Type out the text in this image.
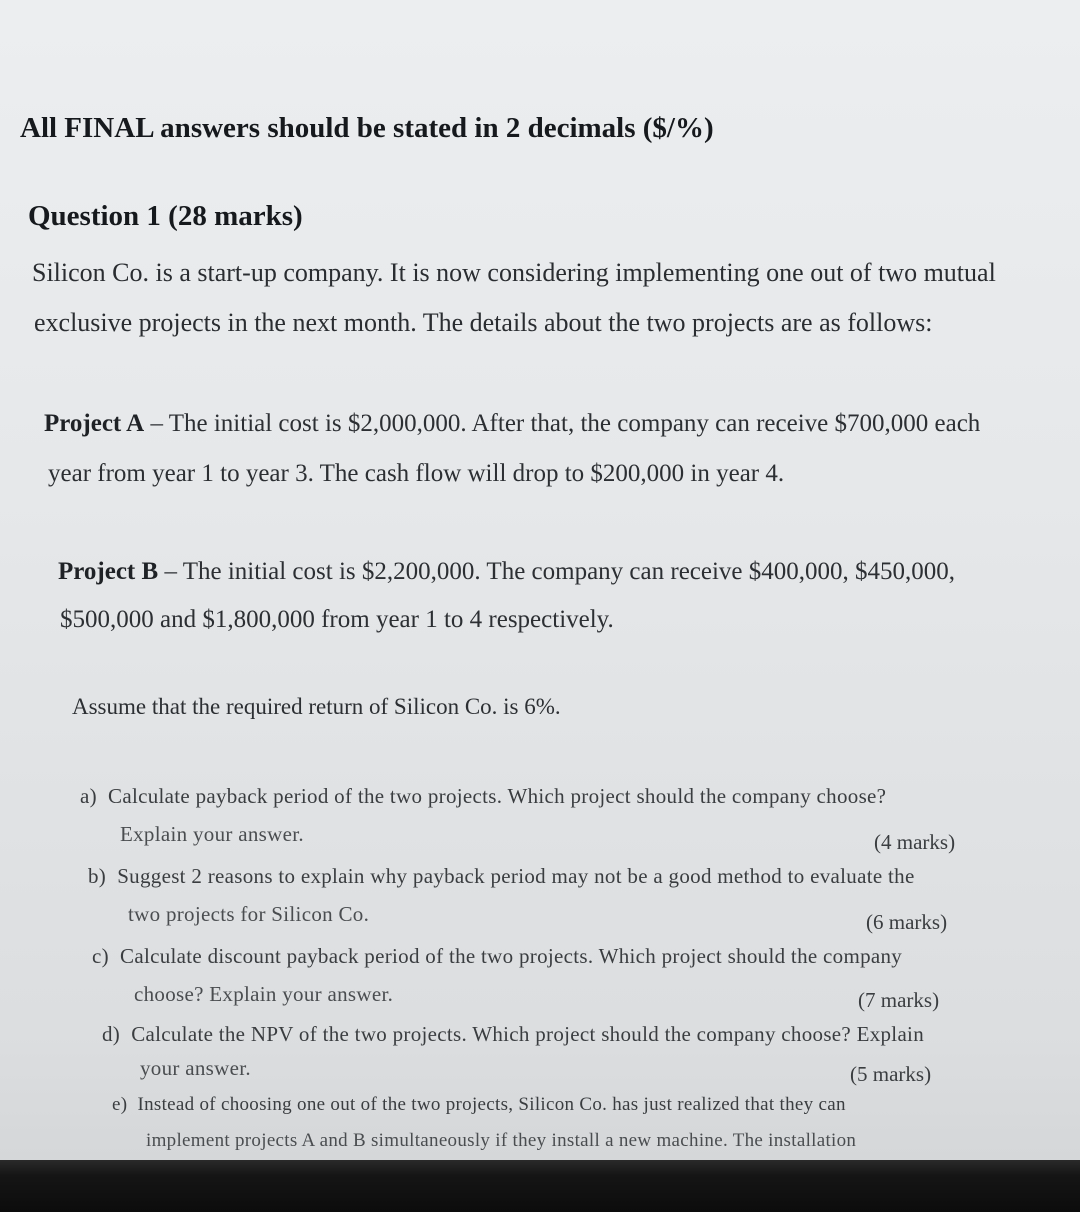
All FINAL answers should be stated in 2 decimals ($/%)

Question 1 (28 marks)

Silicon Co. is a start-up company. It is now considering implementing one out of two mutual

exclusive projects in the next month. The details about the two projects are as follows:

Project A – The initial cost is $2,000,000. After that, the company can receive $700,000 each

year from year 1 to year 3. The cash flow will drop to $200,000 in year 4.

Project B – The initial cost is $2,200,000. The company can receive $400,000, $450,000,

$500,000 and $1,800,000 from year 1 to 4 respectively.

Assume that the required return of Silicon Co. is 6%.

a) Calculate payback period of the two projects. Which project should the company choose?

Explain your answer.	(4 marks)

b) Suggest 2 reasons to explain why payback period may not be a good method to evaluate the

two projects for Silicon Co.	(6 marks)

c) Calculate discount payback period of the two projects. Which project should the company

choose? Explain your answer.	(7 marks)

d) Calculate the NPV of the two projects. Which project should the company choose? Explain

your answer.	(5 marks)

e) Instead of choosing one out of the two projects, Silicon Co. has just realized that they can

implement projects A and B simultaneously if they install a new machine. The installation
